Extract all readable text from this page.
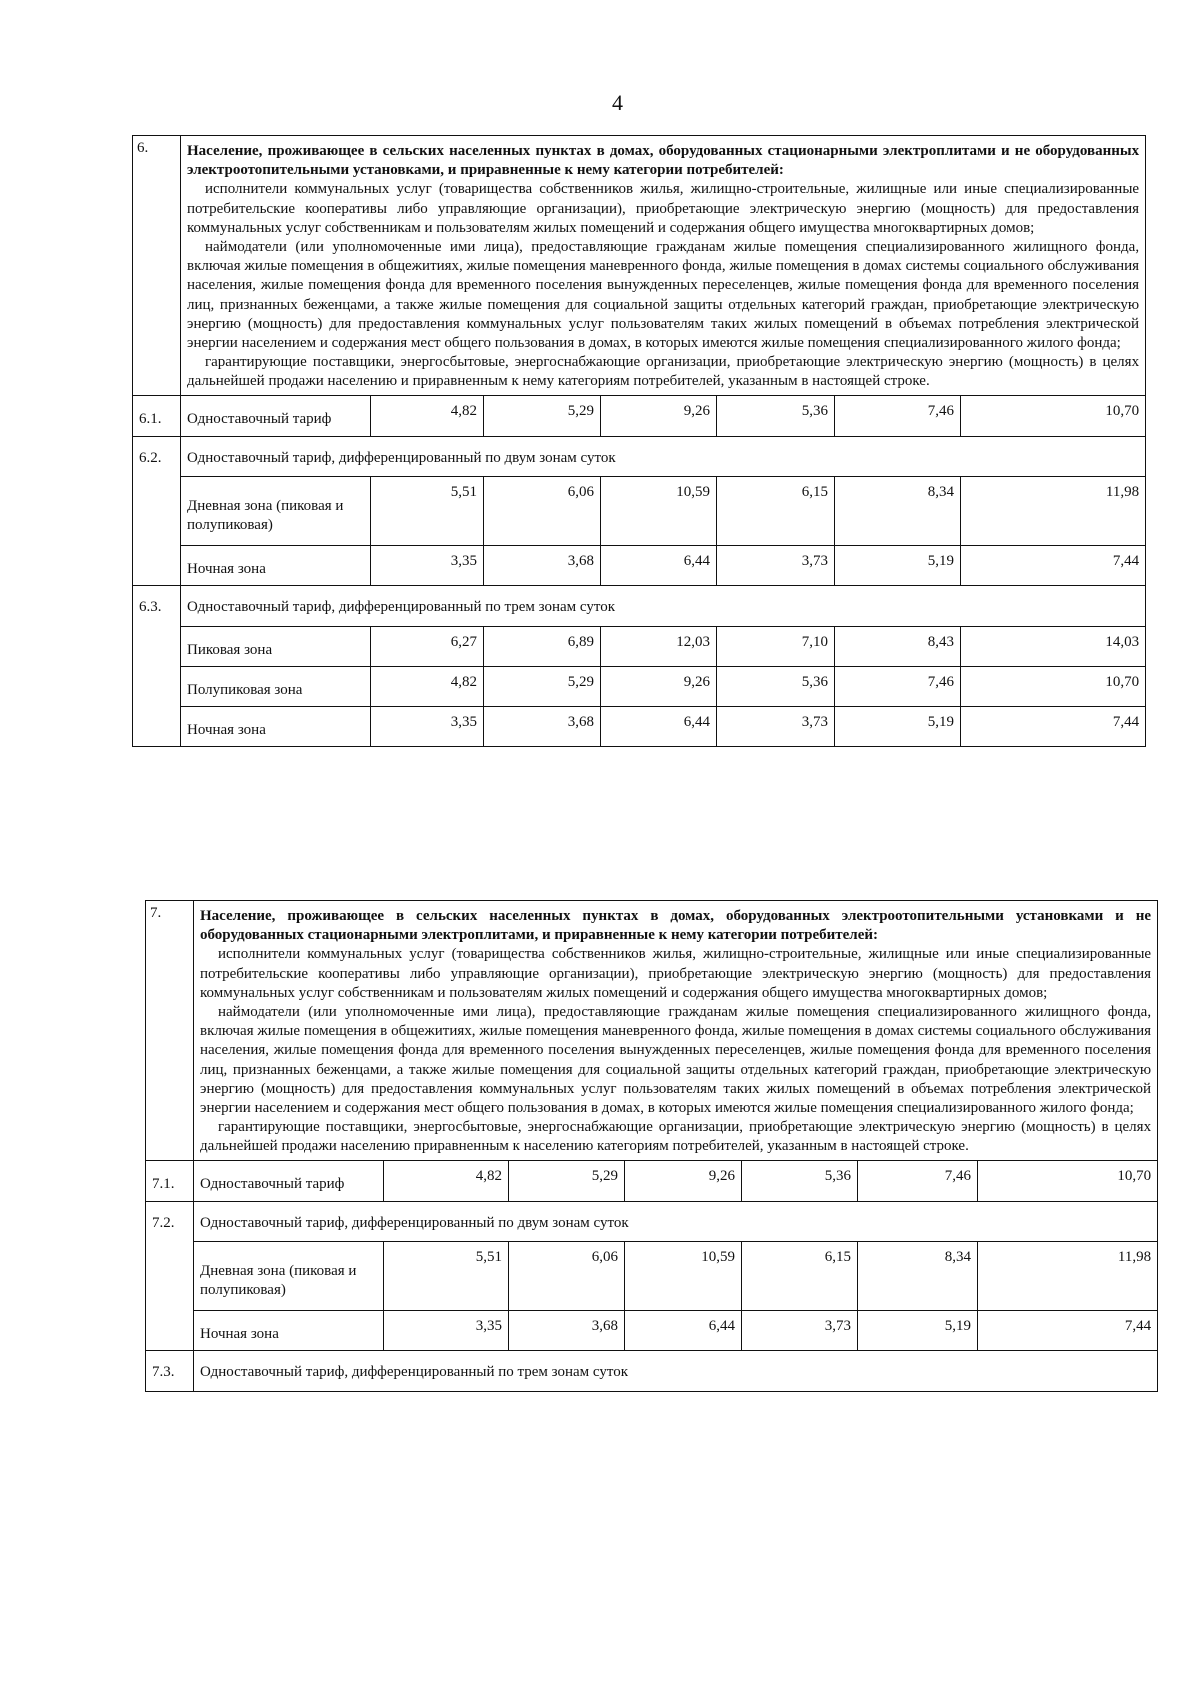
4
6.	Население, проживающее в сельских населенных пунктах в домах, оборудованных стационарными электроплитами и не оборудованных электроотопительными установками, и приравненные к нему категории потребителей:
исполнители коммунальных услуг (товарищества собственников жилья, жилищно-строительные, жилищные или иные специализированные потребительские кооперативы либо управляющие организации), приобретающие электрическую энергию (мощность) для предоставления коммунальных услуг собственникам и пользователям жилых помещений и содержания общего имущества многоквартирных домов;
наймодатели (или уполномоченные ими лица), предоставляющие гражданам жилые помещения специализированного жилищного фонда, включая жилые помещения в общежитиях, жилые помещения маневренного фонда, жилые помещения в домах системы социального обслуживания населения, жилые помещения фонда для временного поселения вынужденных переселенцев, жилые помещения фонда для временного поселения лиц, признанных беженцами, а также жилые помещения для социальной защиты отдельных категорий граждан, приобретающие электрическую энергию (мощность) для предоставления коммунальных услуг пользователям таких жилых помещений в объемах потребления электрической энергии населением и содержания мест общего пользования в домах, в которых имеются жилые помещения специализированного жилого фонда;
гарантирующие поставщики, энергосбытовые, энергоснабжающие организации, приобретающие электрическую энергию (мощность) в целях дальнейшей продажи населению и приравненным к нему категориям потребителей, указанным в настоящей строке.						

6.1.	Одноставочный тариф	4,82	5,29	9,26	5,36	7,46	10,70
6.2.	Одноставочный тариф, дифференцированный по двум зонам суток						
	Дневная зона (пиковая и полупиковая)	5,51	6,06	10,59	6,15	8,34	11,98
	Ночная зона	3,35	3,68	6,44	3,73	5,19	7,44
6.3.	Одноставочный тариф, дифференцированный по трем зонам суток						
	Пиковая зона	6,27	6,89	12,03	7,10	8,43	14,03
	Полупиковая зона	4,82	5,29	9,26	5,36	7,46	10,70
	Ночная зона	3,35	3,68	6,44	3,73	5,19	7,44
7.	Население, проживающее в сельских населенных пунктах в домах, оборудованных электроотопительными установками и не оборудованных стационарными электроплитами, и приравненные к нему категории потребителей:
исполнители коммунальных услуг (товарищества собственников жилья, жилищно-строительные, жилищные или иные специализированные потребительские кооперативы либо управляющие организации), приобретающие электрическую энергию (мощность) для предоставления коммунальных услуг собственникам и пользователям жилых помещений и содержания общего имущества многоквартирных домов;
наймодатели (или уполномоченные ими лица), предоставляющие гражданам жилые помещения специализированного жилищного фонда, включая жилые помещения в общежитиях, жилые помещения маневренного фонда, жилые помещения в домах системы социального обслуживания населения, жилые помещения фонда для временного поселения вынужденных переселенцев, жилые помещения фонда для временного поселения лиц, признанных беженцами, а также жилые помещения для социальной защиты отдельных категорий граждан, приобретающие электрическую энергию (мощность) для предоставления коммунальных услуг пользователям таких жилых помещений в объемах потребления электрической энергии населением и содержания мест общего пользования в домах, в которых имеются жилые помещения специализированного жилого фонда;
гарантирующие поставщики, энергосбытовые, энергоснабжающие организации, приобретающие электрическую энергию (мощность) в целях дальнейшей продажи населению приравненным к населению категориям потребителей, указанным в настоящей строке.						

7.1.	Одноставочный тариф	4,82	5,29	9,26	5,36	7,46	10,70
7.2.	Одноставочный тариф, дифференцированный по двум зонам суток						
	Дневная зона (пиковая и полупиковая)	5,51	6,06	10,59	6,15	8,34	11,98
	Ночная зона	3,35	3,68	6,44	3,73	5,19	7,44
7.3.	Одноставочный тариф, дифференцированный по трем зонам суток						
